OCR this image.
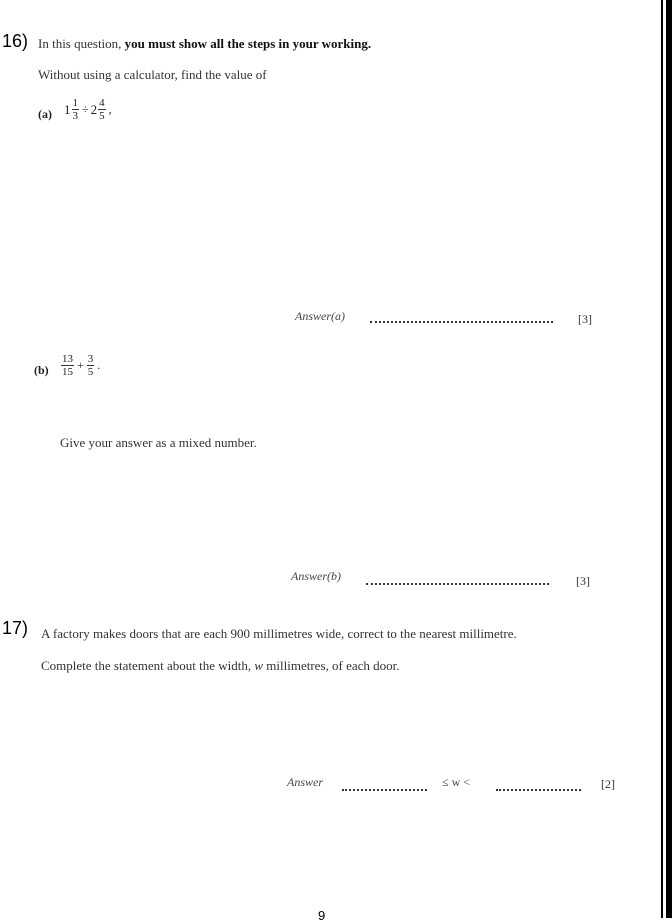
16) In this question, you must show all the steps in your working.
Without using a calculator, find the value of
(a) $1 \frac{1}{3} \div 2 \frac{4}{5}$ ,
Answer(a)	[3]
$(b) \frac{13}{15} + \frac{3}{5}$ .
Give your answer as a mixed number.
Answer(b)	[3]
17) A factory makes doors that are each 900 millimetres wide, correct to the nearest millimetre.
Complete the statement about the width, w millimetres, of each door.
Answer	≤ w <	[2]
9
